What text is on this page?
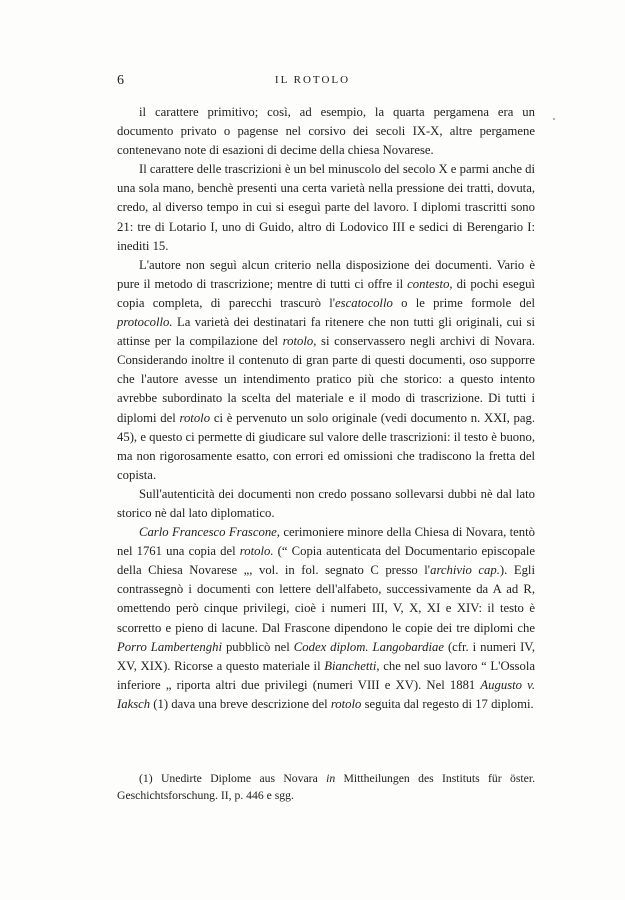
6	IL ROTOLO

il carattere primitivo; così, ad esempio, la quarta pergamena era un documento privato o pagense nel corsivo dei secoli IX-X, altre pergamene contenevano note di esazioni di decime della chiesa Novarese.

Il carattere delle trascrizioni è un bel minuscolo del secolo X e parmi anche di una sola mano, benchè presenti una certa varietà nella pressione dei tratti, dovuta, credo, al diverso tempo in cui si eseguì parte del lavoro. I diplomi trascritti sono 21: tre di Lotario I, uno di Guido, altro di Lodovico III e sedici di Berengario I: inediti 15.

L'autore non seguì alcun criterio nella disposizione dei documenti. Vario è pure il metodo di trascrizione; mentre di tutti ci offre il contesto, di pochi eseguì copia completa, di parecchi trascurò l'escatocollo o le prime formole del protocollo. La varietà dei destinatari fa ritenere che non tutti gli originali, cui si attinse per la compilazione del rotolo, si conservassero negli archivi di Novara. Considerando inoltre il contenuto di gran parte di questi documenti, oso supporre che l'autore avesse un intendimento pratico più che storico: a questo intento avrebbe subordinato la scelta del materiale e il modo di trascrizione. Di tutti i diplomi del rotolo ci è pervenuto un solo originale (vedi documento n. XXI, pag. 45), e questo ci permette di giudicare sul valore delle trascrizioni: il testo è buono, ma non rigorosamente esatto, con errori ed omissioni che tradiscono la fretta del copista.

Sull'autenticità dei documenti non credo possano sollevarsi dubbi nè dal lato storico nè dal lato diplomatico.

Carlo Francesco Frascone, cerimoniere minore della Chiesa di Novara, tentò nel 1761 una copia del rotolo. (“ Copia autenticata del Documentario episcopale della Chiesa Novarese „, vol. in fol. segnato C presso l'archivio cap.). Egli contrassegnò i documenti con lettere dell'alfabeto, successivamente da A ad R, omettendo però cinque privilegi, cioè i numeri III, V, X, XI e XIV: il testo è scorretto e pieno di lacune. Dal Frascone dipendono le copie dei tre diplomi che Porro Lambertenghi pubblicò nel Codex diplom. Langobardiae (cfr. i numeri IV, XV, XIX). Ricorse a questo materiale il Bianchetti, che nel suo lavoro “ L'Ossola inferiore „ riporta altri due privilegi (numeri VIII e XV). Nel 1881 Augusto v. Iaksch (1) dava una breve descrizione del rotolo seguita dal regesto di 17 diplomi.

(1) Unedirte Diplome aus Novara in Mittheilungen des Instituts für öster. Geschichtsforschung. II, p. 446 e sgg.
